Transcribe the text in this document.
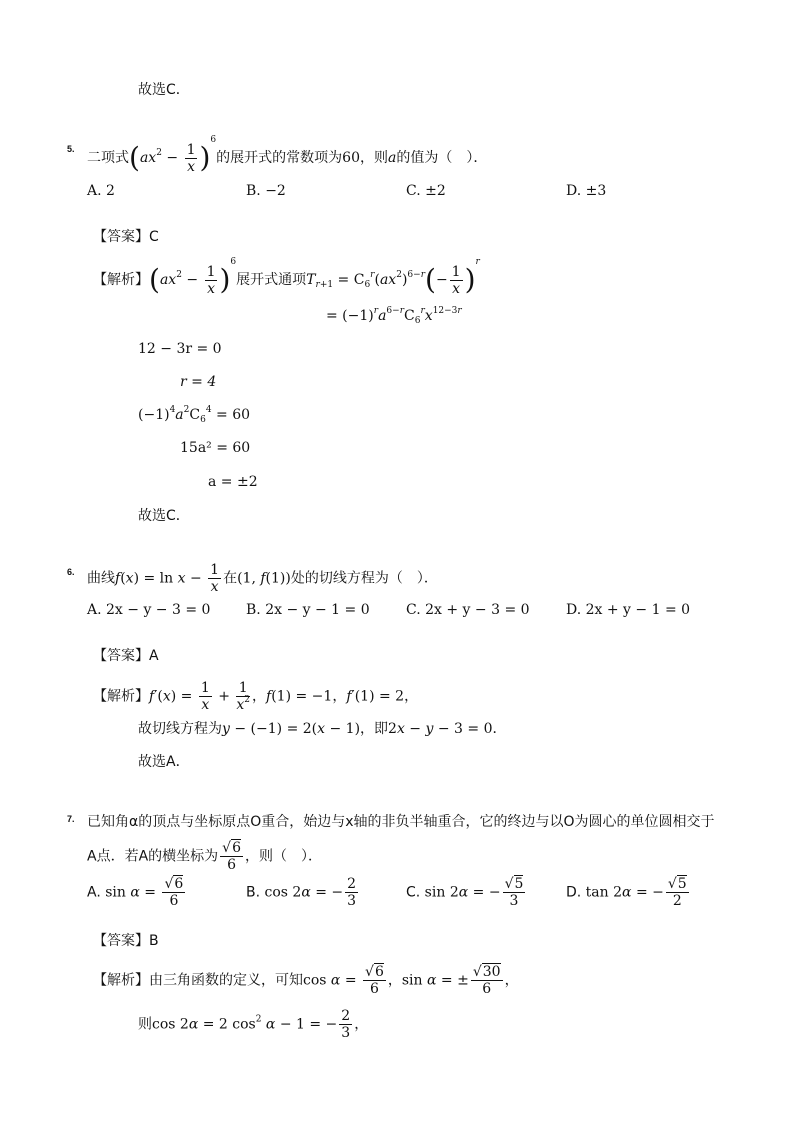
故选C．
5.
二项式$(ax^2 - \frac{1}{x} )^6$的展开式的常数项为60，则a的值为（　）．
A. 2	B. −2	C. ±2	D. ±3
【答案】C
【解析】$(ax^2 - \frac{1}{x} )^6$展开式通项$T_{r+1} = C_6^r(ax^2)^{6-r}(- \frac{1}{x} )^r$
= $(-1)^ra^{6-r}C_6^rx^{12-3r}$
12 − 3r = 0
r = 4
$(-1)^4a^2C_6^4 = 60$
15a² = 60
a = ±2
故选C．
6. 曲线$f(x) = \ln x - \frac{1}{x}$ 在(1, f(1))处的切线方程为（　）．
A. 2x − y − 3 = 0	B. 2x − y − 1 = 0	C. 2x + y − 3 = 0	D. 2x + y − 1 = 0
【答案】A
【解析】$f'(x) = \frac{1}{x} + \frac{1}{x^2}$ ，f(1) = −1，f′(1) = 2，
故切线方程为y − (−1) = 2(x − 1)，即2x − y − 3 = 0．
故选A．
7. 已知角α的顶点与坐标原点O重合，始边与x轴的非负半轴重合，它的终边与以O为圆心的单位圆相交于
A点．若A的横坐标为 $\frac{√6}{6}$ ，则（　）．
A. $\sin \alpha = \frac{√6}{6}$	B. cos 2α = − $\frac{2}{3}$	C. sin 2α = − $\frac{√5}{3}$	D. tan 2α = − $\frac{√5}{2}$
【答案】B
【解析】由三角函数的定义，可知$\cos \alpha = \frac{√6}{6}$ ，sin α = ± $\frac{√30}{6}$ ，
则cos 2α = 2 $\cos^2 \alpha - 1$ = − $\frac{2}{3}$ ，
